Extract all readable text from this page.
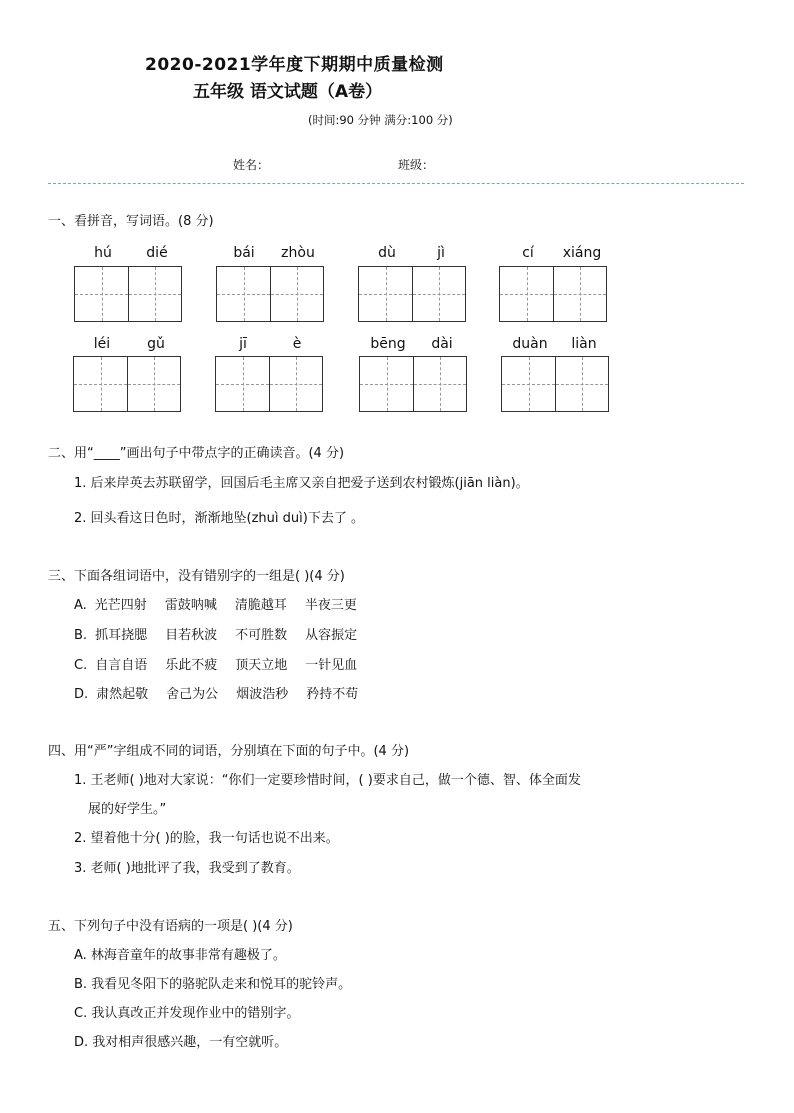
2020-2021学年度下期期中质量检测
五年级 语文试题（A卷）
(时间:90 分钟 满分:100 分)
姓名：	班级：
一、看拼音，写词语。(8 分)
hú	dié	bái	zhòu	dù	jì	cí	xiáng
léi	gǔ	jī	è	bēng	dài	duàn	liàn
二、用“____”画出句子中带点字的正确读音。(4 分)
1. 后来岸英去苏联留学，回国后毛主席又亲自把爱子送到农村锻炼(jiān liàn)。
2. 回头看这日色时，渐渐地坠(zhuì duì)下去了 。
三、下面各组词语中，没有错别字的一组是( )(4 分)
A. 光芒四射 雷鼓呐喊 清脆越耳 半夜三更
B. 抓耳挠腮 目若秋波 不可胜数 从容振定
C. 自言自语 乐此不疲 顶天立地 一针见血
D. 肃然起敬 舍己为公 烟波浩秒 矜持不苟
四、用“严”字组成不同的词语，分别填在下面的句子中。(4 分)
1. 王老师( )地对大家说：“你们一定要珍惜时间，( )要求自己，做一个德、智、体全面发
展的好学生。”
2. 望着他十分( )的脸，我一句话也说不出来。
3. 老师( )地批评了我，我受到了教育。
五、下列句子中没有语病的一项是( )(4 分)
A. 林海音童年的故事非常有趣极了。
B. 我看见冬阳下的骆驼队走来和悦耳的驼铃声。
C. 我认真改正并发现作业中的错别字。
D. 我对相声很感兴趣，一有空就听。
